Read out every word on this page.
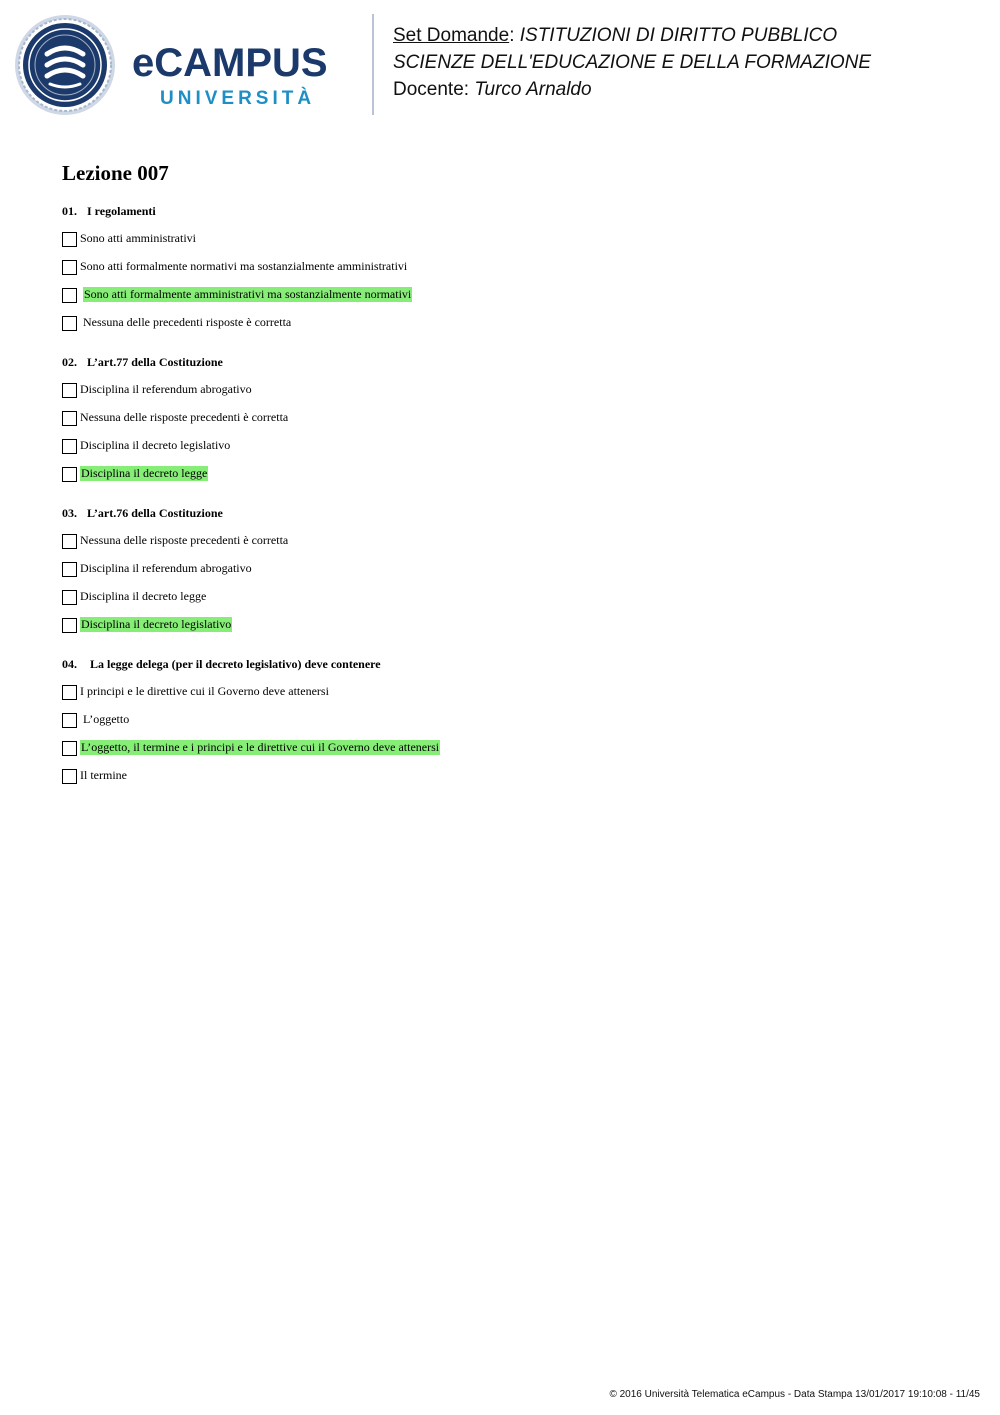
eCAMPUS
UNIVERSITÀ
Set Domande: ISTITUZIONI DI DIRITTO PUBBLICO
SCIENZE DELL'EDUCAZIONE E DELLA FORMAZIONE
Docente: Turco Arnaldo
Lezione 007
01. I regolamenti
Sono atti amministrativi
Sono atti formalmente normativi ma sostanzialmente amministrativi
Sono atti formalmente amministrativi ma sostanzialmente normativi
Nessuna delle precedenti risposte è corretta
02. L’art.77 della Costituzione
Disciplina il referendum abrogativo
Nessuna delle risposte precedenti è corretta
Disciplina il decreto legislativo
Disciplina il decreto legge
03. L’art.76 della Costituzione
Nessuna delle risposte precedenti è corretta
Disciplina il referendum abrogativo
Disciplina il decreto legge
Disciplina il decreto legislativo
04. La legge delega (per il decreto legislativo) deve contenere
I principi e le direttive cui il Governo deve attenersi
L’oggetto
L’oggetto, il termine e i principi e le direttive cui il Governo deve attenersi
Il termine
© 2016 Università Telematica eCampus - Data Stampa 13/01/2017 19:10:08 - 11/45
